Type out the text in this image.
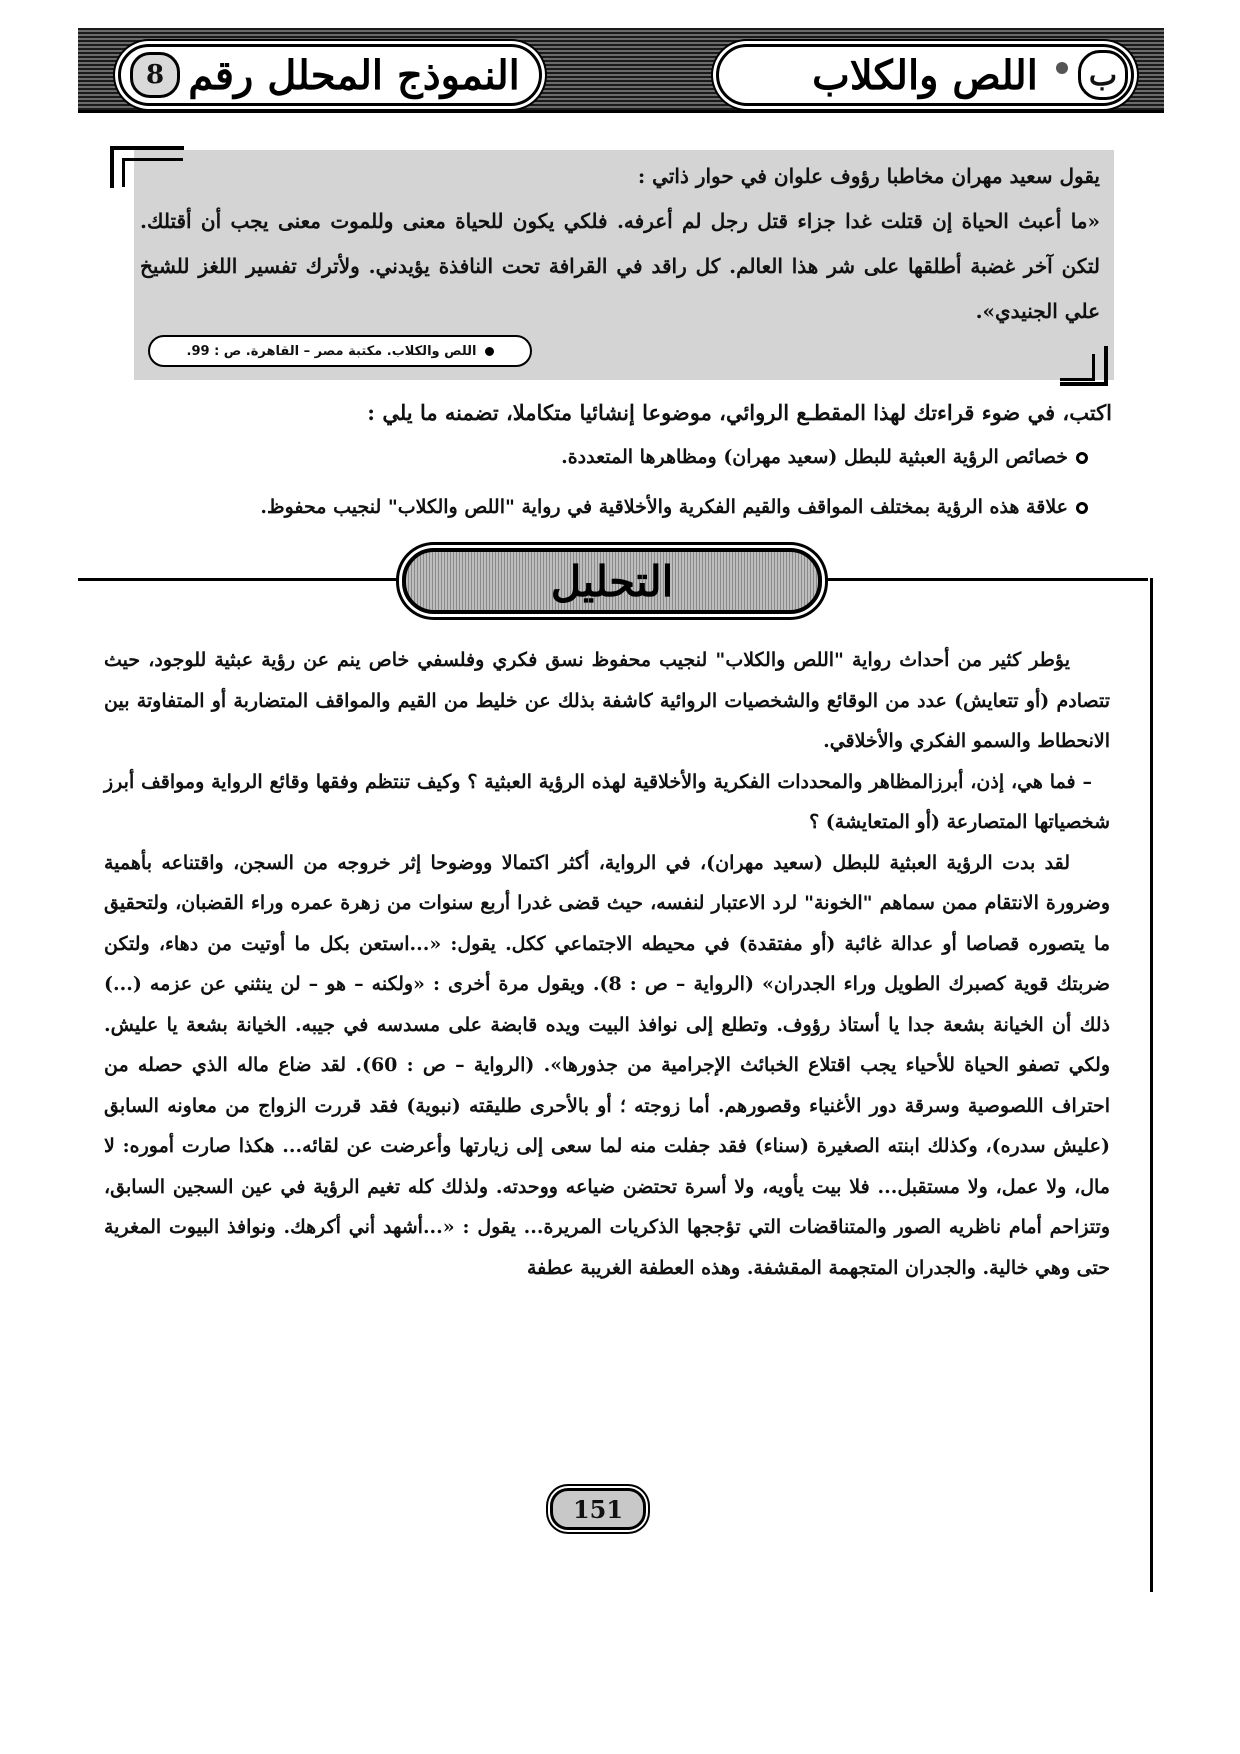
اللص والكلاب	ب
النموذج المحلل رقم
8

يقول سعيد مهران مخاطبا رؤوف علوان في حوار ذاتي :

«ما أعبث الحياة إن قتلت غدا جزاء قتل رجل لم أعرفه. فلكي يكون للحياة معنى وللموت معنى يجب أن أقتلك. لتكن آخر غضبة أطلقها على شر هذا العالم. كل راقد في القرافة تحت النافذة يؤيدني. ولأترك تفسير اللغز للشيخ علي الجنيدي».

اللص والكلاب. مكتبة مصر – القاهرة. ص : 99.

اكتب، في ضوء قراءتك لهذا المقطـع الروائي، موضوعا إنشائيا متكاملا، تضمنه ما يلي :

خصائص الرؤية العبثية للبطل (سعيد مهران) ومظاهرها المتعددة.

علاقة هذه الرؤية بمختلف المواقف والقيم الفكرية والأخلاقية في رواية "اللص والكلاب" لنجيب محفوظ.

التحليل

يؤطر كثير من أحداث رواية "اللص والكلاب" لنجيب محفوظ نسق فكري وفلسفي خاص ينم عن رؤية عبثية للوجود، حيث تتصادم (أو تتعايش) عدد من الوقائع والشخصيات الروائية كاشفة بذلك عن خليط من القيم والمواقف المتضاربة أو المتفاوتة بين الانحطاط والسمو الفكري والأخلاقي.

– فما هي، إذن، أبرزالمظاهر والمحددات الفكرية والأخلاقية لهذه الرؤية العبثية ؟ وكيف تنتظم وفقها وقائع الرواية ومواقف أبرز شخصياتها المتصارعة (أو المتعايشة) ؟

لقد بدت الرؤية العبثية للبطل (سعيد مهران)، في الرواية، أكثر اكتمالا ووضوحا إثر خروجه من السجن، واقتناعه بأهمية وضرورة الانتقام ممن سماهم "الخونة" لرد الاعتبار لنفسه، حيث قضى غدرا أربع سنوات من زهرة عمره وراء القضبان، ولتحقيق ما يتصوره قصاصا أو عدالة غائبة (أو مفتقدة) في محيطه الاجتماعي ككل. يقول: «...استعن بكل ما أوتيت من دهاء، ولتكن ضربتك قوية كصبرك الطويل وراء الجدران» (الرواية – ص : 8). ويقول مرة أخرى : «ولكنه – هو – لن ينثني عن عزمه (...) ذلك أن الخيانة بشعة جدا يا أستاذ رؤوف. وتطلع إلى نوافذ البيت ويده قابضة على مسدسه في جيبه. الخيانة بشعة يا عليش. ولكي تصفو الحياة للأحياء يجب اقتلاع الخبائث الإجرامية من جذورها». (الرواية – ص : 60). لقد ضاع ماله الذي حصله من احتراف اللصوصية وسرقة دور الأغنياء وقصورهم. أما زوجته ؛ أو بالأحرى طليقته (نبوية) فقد قررت الزواج من معاونه السابق (عليش سدره)، وكذلك ابنته الصغيرة (سناء) فقد جفلت منه لما سعى إلى زيارتها وأعرضت عن لقائه... هكذا صارت أموره: لا مال، ولا عمل، ولا مستقبل... فلا بيت يأويه، ولا أسرة تحتضن ضياعه ووحدته. ولذلك كله تغيم الرؤية في عين السجين السابق، وتتزاحم أمام ناظريه الصور والمتناقضات التي تؤججها الذكريات المريرة... يقول : «...أشهد أني أكرهك. ونوافذ البيوت المغرية حتى وهي خالية. والجدران المتجهمة المقشفة. وهذه العطفة الغريبة عطفة

151
